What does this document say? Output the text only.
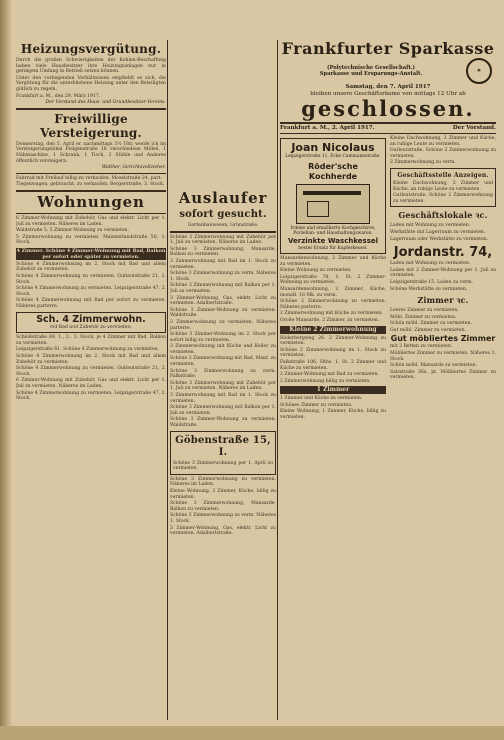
Heizungsvergütung.

Durch die großen Schwierigkeiten der Kohlen-Beschaffung haben viele Hausbesitzer ihre Heizungsanlagen nur in geringem Umfang in Betrieb setzen können.

Unter den vorliegenden Verhältnissen empfiehlt es sich, die Vergütung für die unterbliebene Heizung unter den Beteiligten gütlich zu regeln.

Frankfurt a. M., den 29. März 1917.

Der Vorstand des Haus- und Grundbesitzer-Vereins.

Freiwillige Versteigerung.

Donnerstag, den 5. April er. nachmittags 3½ Uhr, werde ich im Versteigerungslokal Feilgenstraße 18 verschiedene Möbel, 1 Nähmaschine, 1 Schrank, 1 Tisch, 2 Stühle und Anderes öffentlich versteigern.

Walther, Gerichtsvollzieher.

Fahrrad mit Freilauf billig zu verkaufen. Moselstraße 24, part.

Tiegenwagen, gebraucht, zu verkaufen. Bergerstraße, 3. Stock.

Wohnungen

6 Zimmer-Wohnung mit Zubehör, Gas und elektr. Licht per 1. Juli zu vermieten. Näheres im Laden.

Waldstraße 5. 5 Zimmer-Wohnung zu vermieten.

5 Zimmerwohnung zu vermieten. Mainzerlandstraße 50, 1. Stock.

4 Zimmer. Schöne 4 Zimmer-Wohnung mit Bad, Balkon per sofort oder später zu vermieten.

Schöne 4 Zimmerwohnung im 2. Stock mit Bad und allem Zubehör zu vermieten.

Schöne 4 Zimmerwohnung zu vermieten. Gutleutstraße 21, 2. Stock.

Schöne 4 Zimmerwohnung zu vermieten. Leipzigerstraße 47, 2. Stock.

Schöne 4 Zimmerwohnung mit Bad per sofort zu vermieten. Näheres parterre.

Sch. 4 Zimmerwohn.
mit Bad und Zubehör zu vermieten.

Schloßstraße 89, 1., 2., 3. Stock, je 4 Zimmer mit Bad, Balkon zu vermieten.

Leipzigerstraße 61. Schöne 4 Zimmerwohnung zu vermieten.

Schöne 4 Zimmerwohnung im 2. Stock mit Bad und allem Zubehör zu vermieten.

Schöne 4 Zimmerwohnung zu vermieten. Gutleutstraße 21, 2. Stock.

6 Zimmer-Wohnung mit Zubehör, Gas und elektr. Licht per 1. Juli zu vermieten. Näheres im Laden.

Schöne 4 Zimmerwohnung zu vermieten. Leipzigerstraße 47, 2. Stock.

Auslaufer
sofort gesucht.

Gartenbauwesen, Grünstraße.

Schöne 3 Zimmerwohnung mit Zubehör per 1. Juli zu vermieten. Näheres im Laden.

Schöne 3 Zimmerwohnung, Mansarde, Balkon zu vermieten.

3 Zimmerwohnung mit Bad im 1. Stock zu vermieten.

Schöne 3 Zimmerwohnung zu verm. Näheres 1. Stock.

Schöne 3 Zimmerwohnung mit Balkon per 1. Juli zu vermieten.

3 Zimmer-Wohnung, Gas, elektr. Licht zu vermieten. Adalbertstraße.

Schöne 3 Zimmer-Wohnung zu vermieten. Waldstraße.

3 Zimmerwohnung zu vermieten. Näheres parterre.

Schöne 3 Zimmer-Wohnung im 2. Stock per sofort billig zu vermieten.

3 Zimmerwohnung mit Küche und Keller zu vermieten.

Schöne 3 Zimmerwohnung mit Bad, Manf. zu vermieten.

Schöne 3 Zimmerwohnung zu verm. Falkstraße.

Schöne 3 Zimmerwohnung mit Zubehör per 1. Juli zu vermieten. Näheres im Laden.

3 Zimmerwohnung mit Bad im 1. Stock zu vermieten.

Schöne 3 Zimmerwohnung mit Balkon per 1. Juli zu vermieten.

Schöne 3 Zimmer-Wohnung zu vermieten. Waldstraße.

Göbenstraße 15, I.

Schöne 3 Zimmerwohnung per 1. April zu vermieten.

Schöne 3 Zimmerwohnung zu vermieten. Näheres im Laden.

Kleine Wohnung, 2 Zimmer, Küche, billig zu vermieten.

Schöne 3 Zimmerwohnung, Mansarde, Balkon zu vermieten.

Schöne 3 Zimmerwohnung zu verm. Näheres 1. Stock.

3 Zimmer-Wohnung, Gas, elektr. Licht zu vermieten. Adalbertstraße.

Frankfurter Sparkasse
(Polytechnische Gesellschaft.)
Sparkasse und Ersparungs-Anstalt.	✶
Samstag, den 7. April 1917
bleiben unsere Geschäftsräume von mittags 12 Uhr ab
geschlossen.
Frankfurt a. M., 2. April 1917.	Der Vorstand.
Joan Nicolaus
Leipzigerstraße 11, Ecke Cammannstraße.
Röder'sche Kochherde
Irdene und emaillierte Kochgeschirre, Porzellan- und Haushaltungswaren.
Verzinkte Waschkessel
bester Ersatz für Kupferkessel.

Mansardenwohnung, 2 Zimmer und Küche zu vermieten.

Kleine Wohnung zu vermieten.

Leipzigerstraße 78, 1. St. 2 Zimmer-Wohnung zu vermieten.

Mansardenwohnung, 2 Zimmer, Küche, monatl. 18 Mk. zu verm.

Schöne 2 Zimmerwohnung zu vermieten. Näheres parterre.

2 Zimmerwohnung mit Küche zu vermieten.

Große Mansarde, 2 Zimmer, zu vermieten.

Kleine 2 Zimmerwohnung

Röderbergweg 26. 2 Zimmer-Wohnung zu vermieten.

Schöne 2 Zimmerwohnung im 1. Stock zu vermieten.

Falkstraße 106, Hths. 1. St. 2 Zimmer und Küche zu vermieten.

2 Zimmer-Wohnung mit Bad zu vermieten.

2 Zimmerwohnung billig zu vermieten.

1 Zimmer

1 Zimmer und Küche zu vermieten.

Schönes Zimmer zu vermieten.

Kleine Wohnung, 1 Zimmer, Küche, billig zu vermieten.

Kleine Dachwohnung, 2 Zimmer und Küche, an ruhige Leute zu vermieten.

Gutleutstraße. Schöne 2 Zimmerwohnung zu vermieten.

2 Zimmerwohnung zu verm.

Geschäftsstelle Anzeigen.

Kleine Dachwohnung, 2 Zimmer und Küche, an ruhige Leute zu vermieten.

Gutleutstraße. Schöne 2 Zimmerwohnung zu vermieten.

Geschäftslokale ꝛc.

Laden mit Wohnung zu vermieten.

Werkstätte mit Lagerraum zu vermieten.

Lagerraum oder Werkstätte zu vermieten.

Jordanstr. 74,

Laden mit Wohnung zu vermieten.

Laden mit 2 Zimmer-Wohnung per 1. Juli zu vermieten.

Leipzigerstraße 15. Laden zu verm.

Schöne Werkstätte zu vermieten.

Zimmer ꝛc.

Leeres Zimmer zu vermieten.

Möbl. Zimmer zu vermieten.

Schön möbl. Zimmer zu vermieten.

Gut möbl. Zimmer zu vermieten.

Gut möbliertes Zimmer

mit 2 Betten zu vermieten.

Möbliertes Zimmer zu vermieten. Näheres 1. Stock.

Schön möbl. Mansarde zu vermieten.

Salzstraße 36a, pt. Möbliertes Zimmer zu vermieten.
